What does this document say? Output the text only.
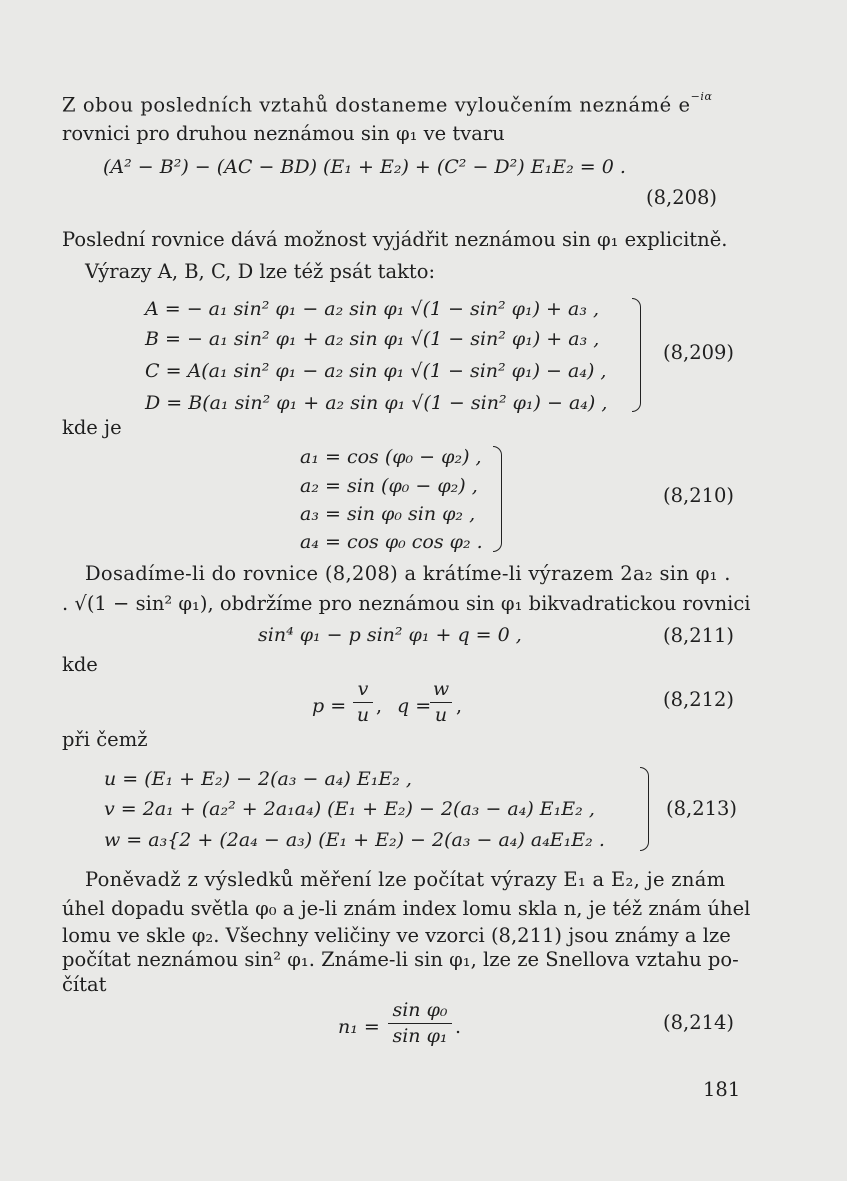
Z obou posledních vztahů dostaneme vyloučením neznámé $e^{-i\alpha}$
rovnici pro druhou neznámou sin φ₁ ve tvaru
(A² − B²) − (AC − BD) (E₁ + E₂) + (C² − D²) E₁E₂ = 0 .
(8,208)
Poslední rovnice dává možnost vyjádřit neznámou sin φ₁ explicitně.
Výrazy A, B, C, D lze též psát takto:
A = − a₁ sin² φ₁ − a₂ sin φ₁ √(1 − sin² φ₁) + a₃ ,
B = − a₁ sin² φ₁ + a₂ sin φ₁ √(1 − sin² φ₁) + a₃ ,
C = A(a₁ sin² φ₁ − a₂ sin φ₁ √(1 − sin² φ₁) − a₄) ,
D = B(a₁ sin² φ₁ + a₂ sin φ₁ √(1 − sin² φ₁) − a₄) ,
(8,209)
kde je
a₁ = cos (φ₀ − φ₂) ,
a₂ = sin (φ₀ − φ₂) ,
a₃ = sin φ₀ sin φ₂ ,
a₄ = cos φ₀ cos φ₂ .
(8,210)
Dosadíme-li do rovnice (8,208) a krátíme-li výrazem 2a₂ sin φ₁ .
. √(1 − sin² φ₁), obdržíme pro neznámou sin φ₁ bikvadratickou rovnici
sin⁴ φ₁ − p sin² φ₁ + q = 0 ,	(8,211)
kde
p =
v
u , q =
w
u ,	(8,212)
při čemž
u = (E₁ + E₂) − 2(a₃ − a₄) E₁E₂ ,
v = 2a₁ + (a₂² + 2a₁a₄) (E₁ + E₂) − 2(a₃ − a₄) E₁E₂ ,
w = a₃{2 + (2a₄ − a₃) (E₁ + E₂) − 2(a₃ − a₄) a₄E₁E₂ .
(8,213)
Poněvadž z výsledků měření lze počítat výrazy E₁ a E₂, je znám
úhel dopadu světla φ₀ a je-li znám index lomu skla n, je též znám úhel
lomu ve skle φ₂. Všechny veličiny ve vzorci (8,211) jsou známy a lze
počítat neznámou sin² φ₁. Známe-li sin φ₁, lze ze Snellova vztahu po-
čítat
n₁ =
sin φ₀
sin φ₁ .	(8,214)
181
